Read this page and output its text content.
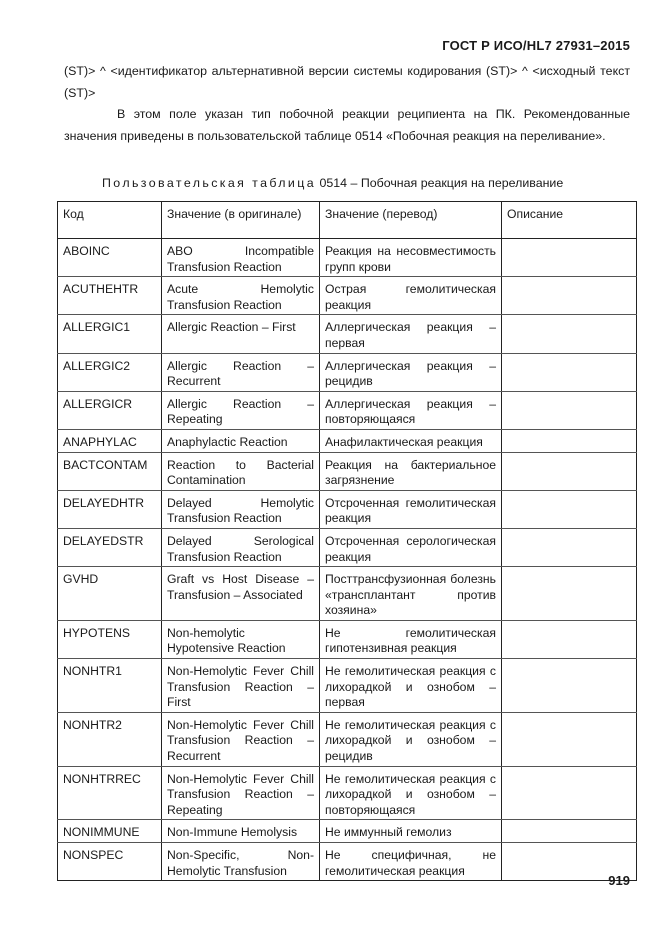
ГОСТ Р ИСО/HL7 27931–2015
(ST)> ^ <идентификатор альтернативной версии системы кодирования (ST)> ^ <исходный текст (ST)>
В этом поле указан тип побочной реакции реципиента на ПК. Рекомендованные значения приведены в пользовательской таблице 0514 «Побочная реакция на переливание».
Пользовательская таблица 0514 – Побочная реакция на переливание
Код	Значение (в оригинале)	Значение (перевод)	Описание
ABOINC	ABO Incompatible Transfusion Reaction	Реакция на несовместимость групп крови	
ACUTHEHTR	Acute Hemolytic Transfusion Reaction	Острая гемолитическая реакция	
ALLERGIC1	Allergic Reaction – First	Аллергическая реакция – первая	
ALLERGIC2	Allergic Reaction – Recurrent	Аллергическая реакция – рецидив	
ALLERGICR	Allergic Reaction – Repeating	Аллергическая реакция – повторяющаяся	
ANAPHYLAC	Anaphylactic Reaction	Анафилактическая реакция	
BACTCONTAM	Reaction to Bacterial Contamination	Реакция на бактериальное загрязнение	
DELAYEDHTR	Delayed Hemolytic Transfusion Reaction	Отсроченная гемолитическая реакция	
DELAYEDSTR	Delayed Serological Transfusion Reaction	Отсроченная серологическая реакция	
GVHD	Graft vs Host Disease – Transfusion – Associated	Посттрансфузионная болезнь «трансплантант против хозяина»	
HYPOTENS	Non-hemolytic Hypotensive Reaction	Не гемолитическая гипотензивная реакция	
NONHTR1	Non-Hemolytic Fever Chill Transfusion Reaction – First	Не гемолитическая реакция с лихорадкой и ознобом – первая	
NONHTR2	Non-Hemolytic Fever Chill Transfusion Reaction – Recurrent	Не гемолитическая реакция с лихорадкой и ознобом – рецидив	
NONHTRREC	Non-Hemolytic Fever Chill Transfusion Reaction – Repeating	Не гемолитическая реакция с лихорадкой и ознобом – повторяющаяся	
NONIMMUNE	Non-Immune Hemolysis	Не иммунный гемолиз	
NONSPEC	Non-Specific, Non-Hemolytic Transfusion	Не специфичная, не гемолитическая реакция	
919
